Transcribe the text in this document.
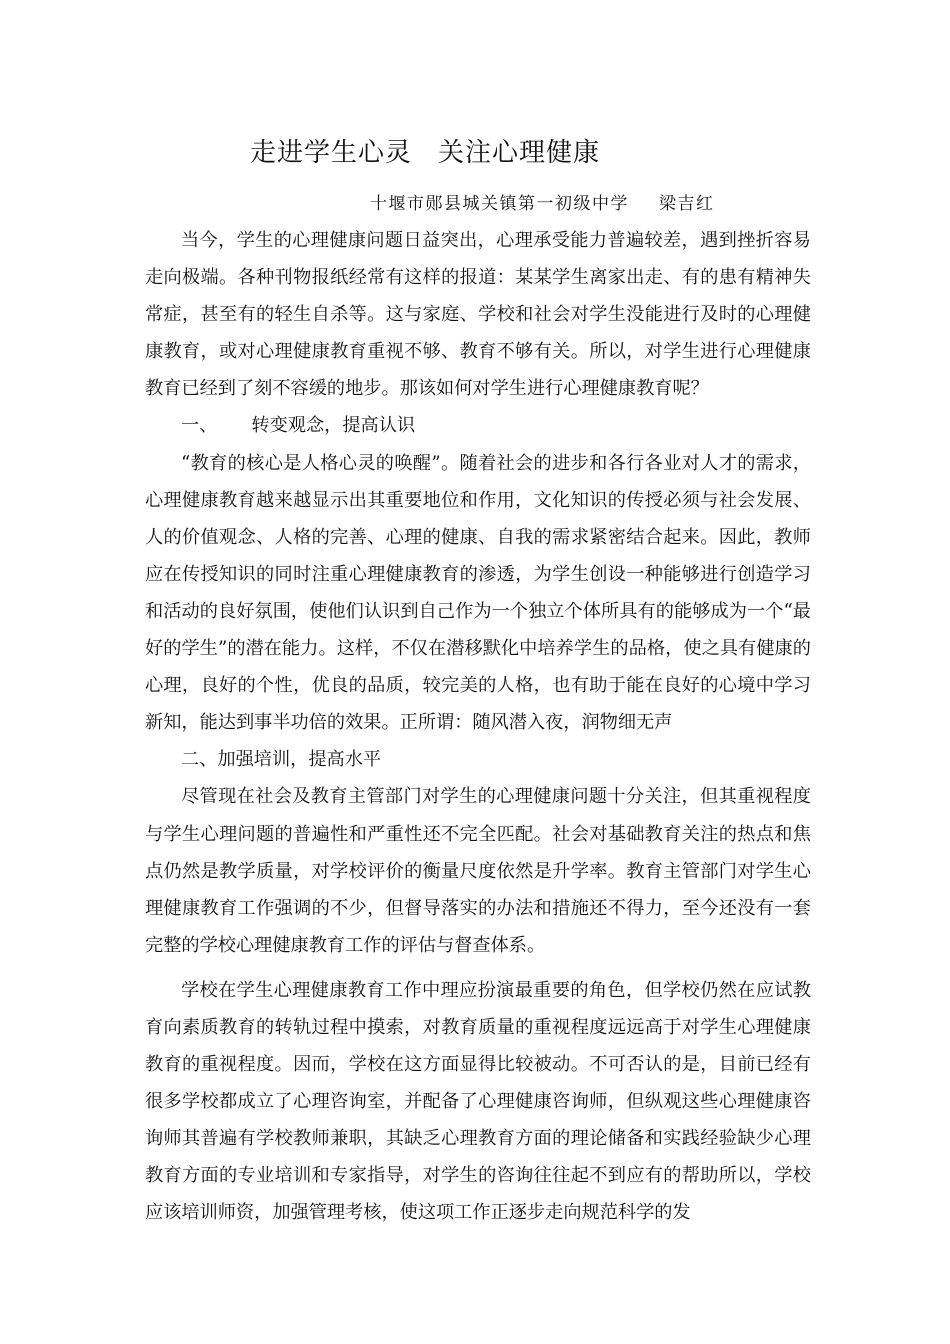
走进学生心灵 关注心理健康
十堰市郧县城关镇第一初级中学 梁吉红

当今，学生的心理健康问题日益突出，心理承受能力普遍较差，遇到挫折容易走向极端。各种刊物报纸经常有这样的报道：某某学生离家出走、有的患有精神失常症，甚至有的轻生自杀等。这与家庭、学校和社会对学生没能进行及时的心理健康教育，或对心理健康教育重视不够、教育不够有关。所以，对学生进行心理健康教育已经到了刻不容缓的地步。那该如何对学生进行心理健康教育呢？

一、 转变观念，提高认识

“教育的核心是人格心灵的唤醒”。随着社会的进步和各行各业对人才的需求，心理健康教育越来越显示出其重要地位和作用，文化知识的传授必须与社会发展、人的价值观念、人格的完善、心理的健康、自我的需求紧密结合起来。因此，教师应在传授知识的同时注重心理健康教育的渗透，为学生创设一种能够进行创造学习和活动的良好氛围，使他们认识到自己作为一个独立个体所具有的能够成为一个“最好的学生”的潜在能力。这样，不仅在潜移默化中培养学生的品格，使之具有健康的心理，良好的个性，优良的品质，较完美的人格，也有助于能在良好的心境中学习新知，能达到事半功倍的效果。正所谓：随风潜入夜，润物细无声

二、加强培训，提高水平

尽管现在社会及教育主管部门对学生的心理健康问题十分关注，但其重视程度与学生心理问题的普遍性和严重性还不完全匹配。社会对基础教育关注的热点和焦点仍然是教学质量，对学校评价的衡量尺度依然是升学率。教育主管部门对学生心理健康教育工作强调的不少，但督导落实的办法和措施还不得力，至今还没有一套完整的学校心理健康教育工作的评估与督查体系。

学校在学生心理健康教育工作中理应扮演最重要的角色，但学校仍然在应试教育向素质教育的转轨过程中摸索，对教育质量的重视程度远远高于对学生心理健康教育的重视程度。因而，学校在这方面显得比较被动。不可否认的是，目前已经有很多学校都成立了心理咨询室，并配备了心理健康咨询师，但纵观这些心理健康咨询师其普遍有学校教师兼职，其缺乏心理教育方面的理论储备和实践经验缺少心理教育方面的专业培训和专家指导，对学生的咨询往往起不到应有的帮助所以，学校应该培训师资，加强管理考核，使这项工作正逐步走向规范科学的发
